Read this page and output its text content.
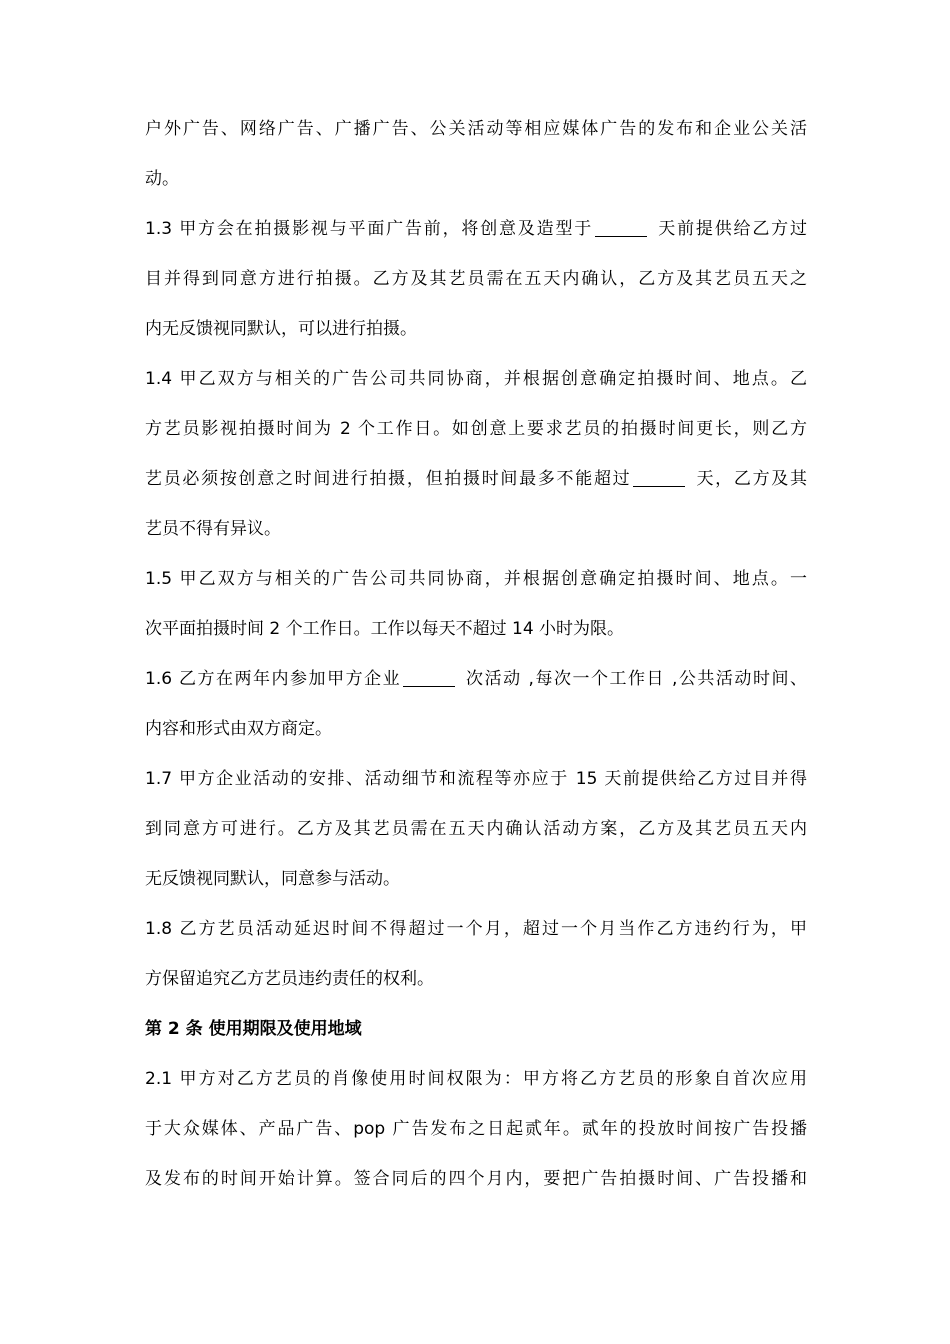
户外广告、网络广告、广播广告、公关活动等相应媒体广告的发布和企业公关活
动。
1.3 甲方会在拍摄影视与平面广告前，将创意及造型于	天前提供给乙方过
目并得到同意方进行拍摄。乙方及其艺员需在五天内确认，乙方及其艺员五天之
内无反馈视同默认，可以进行拍摄。
1.4 甲乙双方与相关的广告公司共同协商，并根据创意确定拍摄时间、地点。乙
方艺员影视拍摄时间为 2 个工作日。如创意上要求艺员的拍摄时间更长，则乙方
艺员必须按创意之时间进行拍摄，但拍摄时间最多不能超过	天，乙方及其
艺员不得有异议。
1.5 甲乙双方与相关的广告公司共同协商，并根据创意确定拍摄时间、地点。一
次平面拍摄时间 2 个工作日。工作以每天不超过 14 小时为限。
1.6 乙方在两年内参加甲方企业	次活动 ,每次一个工作日 ,公共活动时间、
内容和形式由双方商定。
1.7 甲方企业活动的安排、活动细节和流程等亦应于 15 天前提供给乙方过目并得
到同意方可进行。乙方及其艺员需在五天内确认活动方案，乙方及其艺员五天内
无反馈视同默认，同意参与活动。
1.8 乙方艺员活动延迟时间不得超过一个月，超过一个月当作乙方违约行为，甲
方保留追究乙方艺员违约责任的权利。
第 2 条 使用期限及使用地域
2.1 甲方对乙方艺员的肖像使用时间权限为：甲方将乙方艺员的形象自首次应用
于大众媒体、产品广告、pop 广告发布之日起贰年。贰年的投放时间按广告投播
及发布的时间开始计算。签合同后的四个月内，要把广告拍摄时间、广告投播和
